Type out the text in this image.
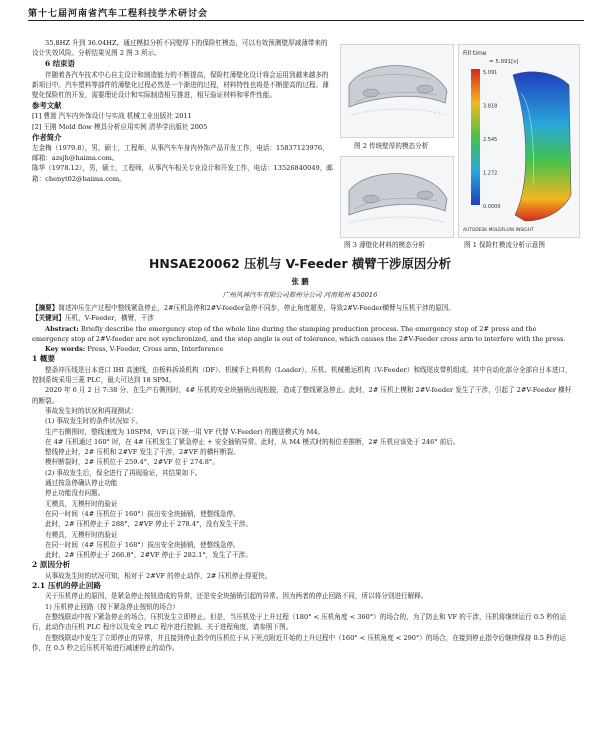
第十七届河南省汽车工程科技学术研讨会

35.8HZ 升到 36.04HZ。通过模拟分析不同壁厚下的保险杠模态，可以有效预测壁厚减薄带来的设计失效风险。分析结果见图 2 图 3 所示。

6 结束语

伴随着各汽车技术中心自主设计和制造能力的不断提高，保险杠薄壁化设计将会运用到越来越多的新项目中。汽车塑料等部件的薄壁化过程必然是一个渐进的过程，材料特性也将是不断提高的过程。薄壁化保险杠的开发，需要理论设计和实际制造相互推进，相互验证材料和零件性能。

参考文献

[1] 曹渡 汽车内外饰设计与实战 机械工业出版社 2011

[2] 王刚 Mold flow 模具分析应用实例 清华学出版社 2005

作者简介

左金梅（1979.8），男，硕士，工程师，从事汽车车身内外饰产品开发工作，电话：15837123976，邮箱：azsjh@haima.com。

陈华（1978.12），男，硕士，工程师，从事汽车相关专业设计和开发工作，电话：13526840049，邮箱：chenyt02@haima.com。

图 2 传统壁厚的模态分析
图 3 薄壁化材料的模态分析
Fill time
= 5.091[s]
5.091
3.818
2.545
1.272
0.0000
AUTODESK MOLDFLOW INSIGHT
图 1 保险杠模流分析示意图
HNSAE20062 压机与 V-Feeder 横臂干涉原因分析
张 鹏
广州风神汽车有限公司郑州分公司 河南郑州 450016

【摘要】简述冲压生产过程中整线紧急停止，2#压机急停和2#V-feeder急停不同步，停止角度超差，导致2#V-Feeder横臂与压机干涉的原因。

【关键词】压机，V-Feeder，横臂，干涉

Abstract: Briefly describe the emergency stop of the whole line during the stamping production process. The emergency stop of 2# press and the emergency stop of 2#V-feeder are not synchronized, and the stop angle is out of tolerance, which causes the 2#V-Feeder cross arm to interfere with the press.

Key words: Press, V-Feeder, Cross arm, Interference

1 概要

整条冲压线是日本进口 IHI 高速线，由板料拆垛机构（DF）、机械手上料机构（Loader）、压机、机械搬运机构（V-Feeder）和线尾皮带机组成。其中自动化部分全部自日本进口，控制系统采用三菱 PLC，最大可达到 18 SPM。

2020 年 6 月 2 日 7:38 分，在生产右侧围时，4# 压机的安全块插销出现松脱，造成了整线紧急停止。此时，2# 压机上模和 2#V-feeder 发生了干涉，引起了 2#V-Feeder 横杆的断裂。

事故发生时的状况和再现测试：

(1) 事故发生时的条件状况如下。

生产右侧围时，整线速度为 10SPM，VF(以下统一用 VF 代替 V-Feeder) 的搬送模式为 M4。

在 4# 压机通过 160° 时，在 4# 压机发生了紧急停止 + 安全插销异常。此时，从 M4 模式时的相位差推断，2# 压机应该处于 246° 前后。

整线停止时，2# 压机和 2#VF 发生了干涉，2#VF 的横杆断裂。

模杆断裂时，2# 压机位于 259.4°，2#VF 位于 274.8°。

(2) 事故发生后，保全进行了再现验证，其结果如下。

通过按急停确认停止功能

停止功能没有问题。

无模具，无模杆时的验证

在同一时间（4# 压机位于 160°）拔出安全块插销，使整线急停。

此时，2# 压机停止于 288°，2#VF 停止于 278.4°，没有发生干涉。

有模具，无模杆时的验证

在同一时间（4# 压机位于 168°）拔出安全块插销，使整线急停。

此时，2# 压机停止于 266.8°，2#VF 停止于 282.1°，发生了干涉。

2 原因分析

从事故发生时的状况可知，相对于 2#VF 的停止动作，2# 压机停止得更快。

2.1 压机的停止回路

关于压机停止的原因，是紧急停止按钮造成的异常，还是安全块插销引起的异常。因为两者的停止回路不同，所以将分别进行解释。

1) 压机停止回路（按下紧急停止按钮的场合）

在整线联动中按下紧急停止的场合，压机发生立即停止。但是，当压机处于上升过程（180° < 压机角度 < 360°）的场合的，为了防止和 VF 的干涉，压机将继续运行 0.5 秒的运行，此动作由压机 PLC 程序以及安全 PLC 程序进行控制。关于进程角度，请参照下图。

在整线联动中发生了立即停止的异常，并且接到停止指令的压机位于从下死点附近开始的上升过程中（160° < 压机角度 < 290°）的场合，在接到停止指令后继续保持 0.5 秒的运作，在 0.5 秒之后压机开始进行减速停止的动作。
